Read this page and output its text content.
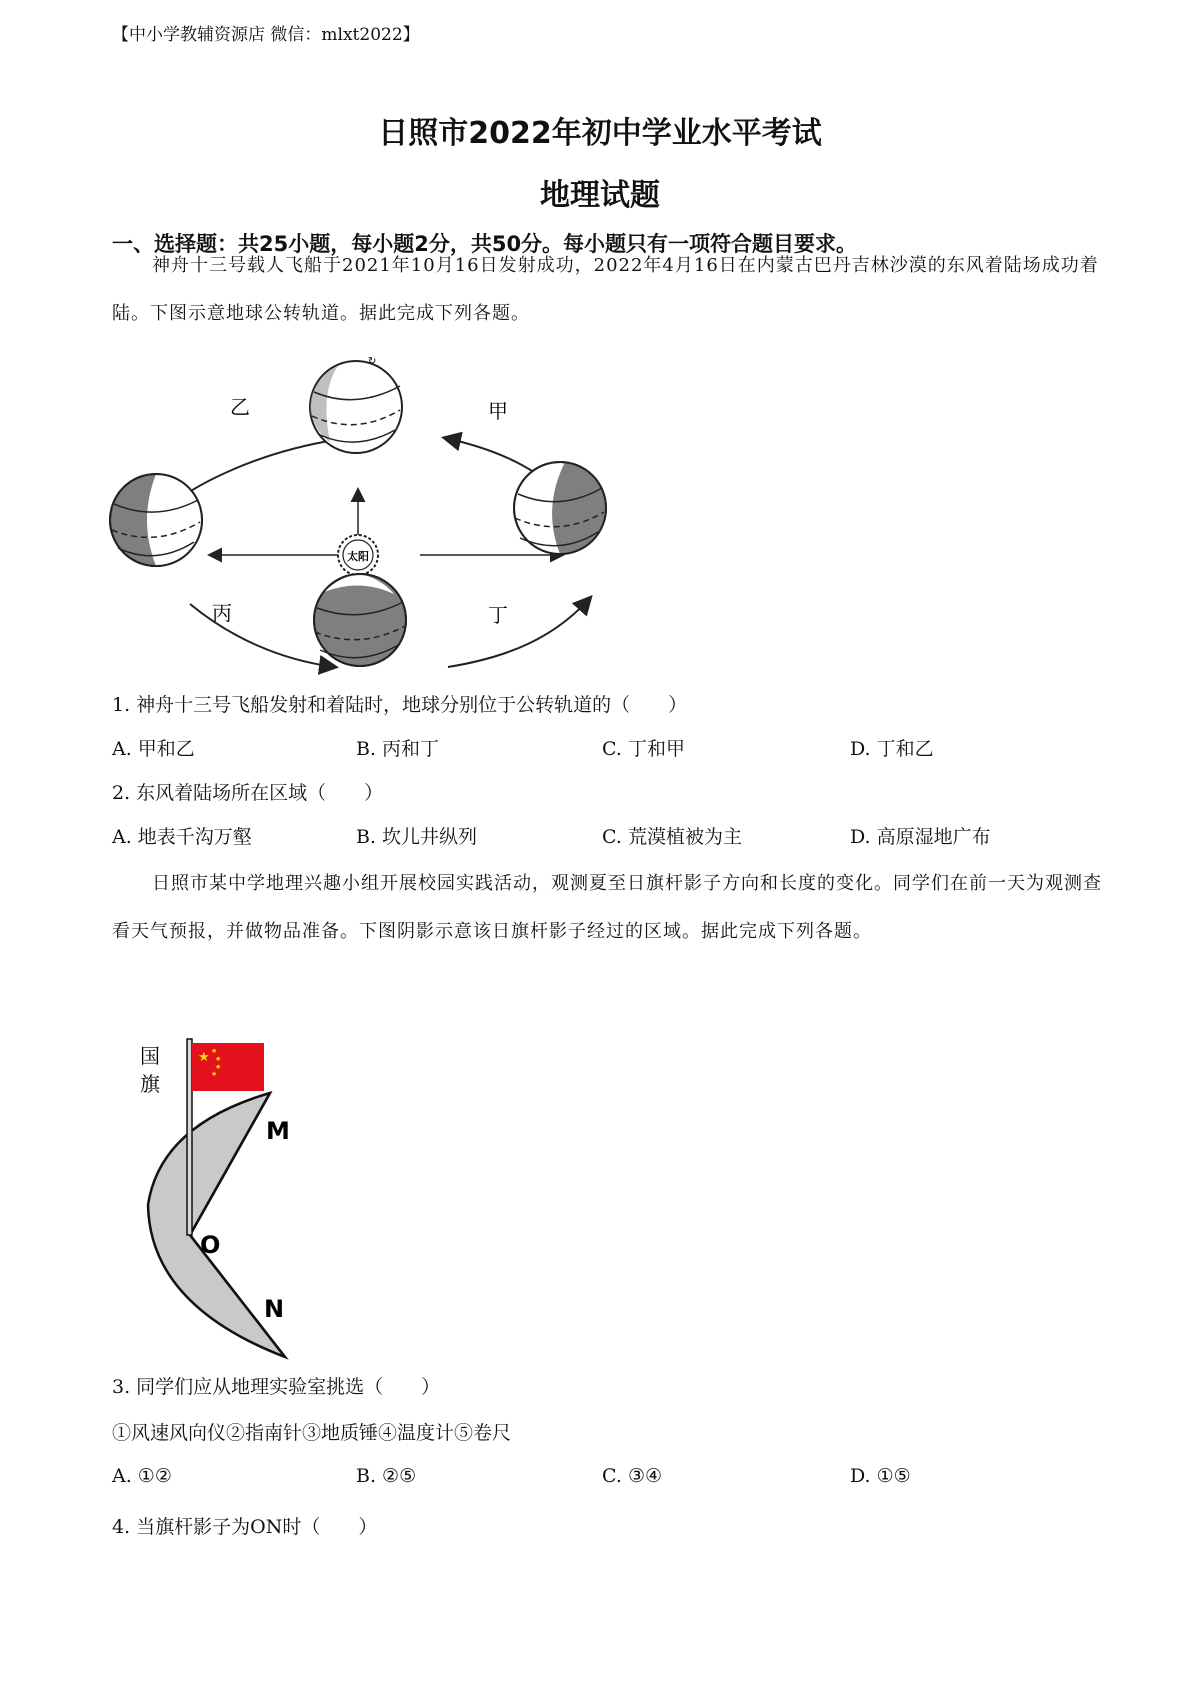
【中小学教辅资源店 微信：mlxt2022】
日照市2022年初中学业水平考试
地理试题
一、选择题：共25小题，每小题2分，共50分。每小题只有一项符合题目要求。
神舟十三号载人飞船于2021年10月16日发射成功，2022年4月16日在内蒙古巴丹吉林沙漠的东风着陆场成功着陆。下图示意地球公转轨道。据此完成下列各题。
太阳
↻
乙	甲
丙	丁
1. 神舟十三号飞船发射和着陆时，地球分别位于公转轨道的（　　）
A. 甲和乙	B. 丙和丁	C. 丁和甲	D. 丁和乙
2. 东风着陆场所在区域（　　）
A. 地表千沟万壑	B. 坎儿井纵列	C. 荒漠植被为主	D. 高原湿地广布
日照市某中学地理兴趣小组开展校园实践活动，观测夏至日旗杆影子方向和长度的变化。同学们在前一天为观测查看天气预报，并做物品准备。下图阴影示意该日旗杆影子经过的区域。据此完成下列各题。
★ ★
★
★
★
国
旗
M
O
N
3. 同学们应从地理实验室挑选（　　）
①风速风向仪②指南针③地质锤④温度计⑤卷尺
A. ①②	B. ②⑤	C. ③④	D. ①⑤
4. 当旗杆影子为ON时（　　）
